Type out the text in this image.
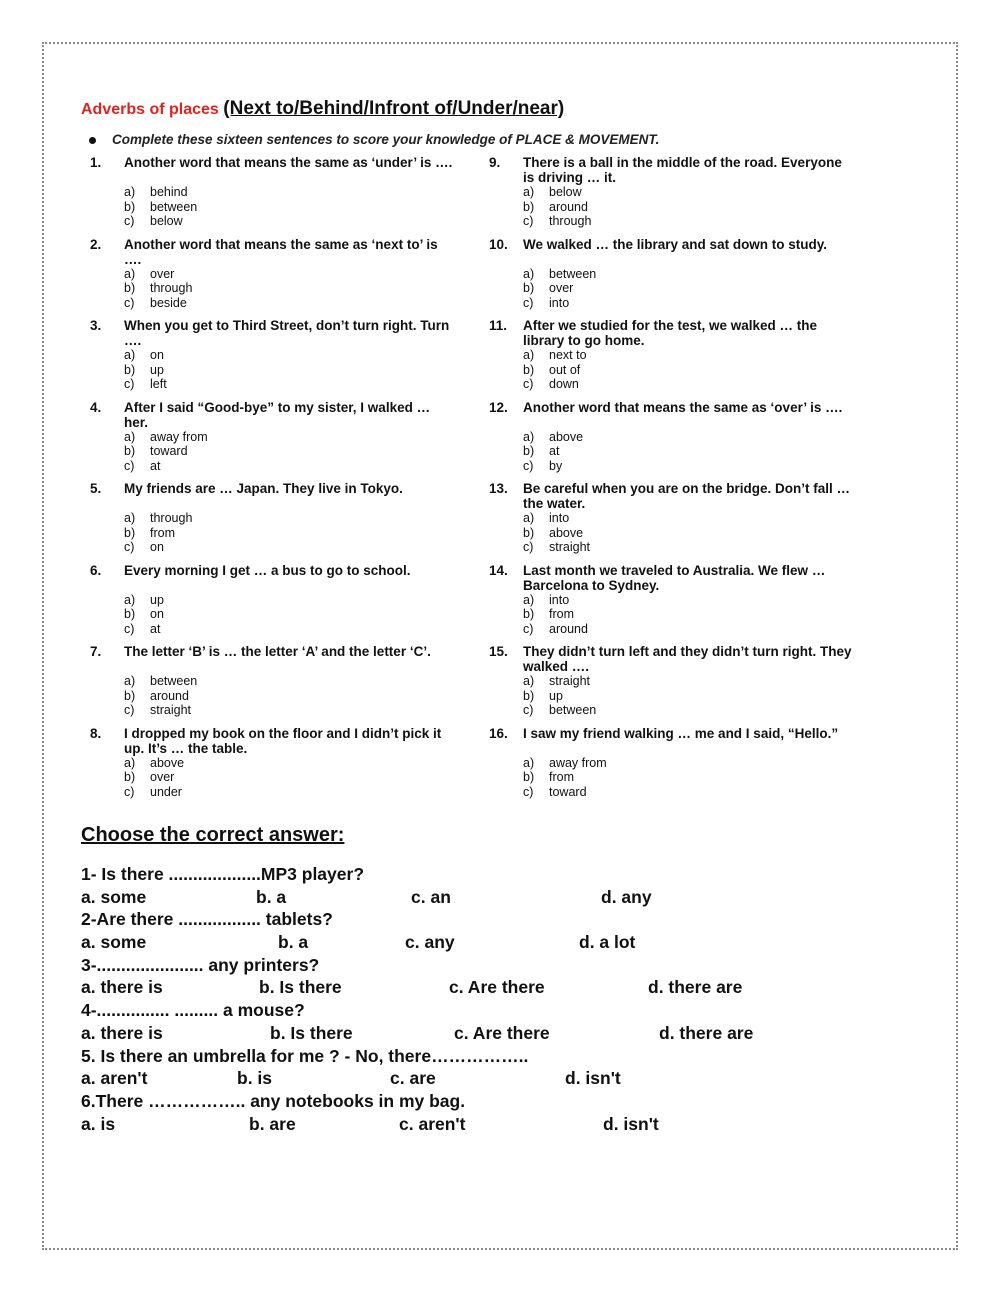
Adverbs of places (Next to/Behind/Infront of/Under/near)
Complete these sixteen sentences to score your knowledge of PLACE & MOVEMENT.
1.	Another word that means the same as ‘under’ is ….
a) behind
b) between
c) below
2.	Another word that means the same as ‘next to’ is ….
a) over
b) through
c) beside
3.	When you get to Third Street, don’t turn right. Turn ….
a) on
b) up
c) left
4.	After I said “Good-bye” to my sister, I walked … her.
a) away from
b) toward
c) at
5.	My friends are … Japan. They live in Tokyo.
a) through
b) from
c) on
6.	Every morning I get … a bus to go to school.
a) up
b) on
c) at
7.	The letter ‘B’ is … the letter ‘A’ and the letter ‘C’.
a) between
b) around
c) straight
8.	I dropped my book on the floor and I didn’t pick it up. It’s … the table.
a) above
b) over
c) under
9.	There is a ball in the middle of the road. Everyone is driving … it.
a) below
b) around
c) through
10.	We walked … the library and sat down to study.
a) between
b) over
c) into
11.	After we studied for the test, we walked … the library to go home.
a) next to
b) out of
c) down
12.	Another word that means the same as ‘over’ is ….
a) above
b) at
c) by
13.	Be careful when you are on the bridge. Don’t fall … the water.
a) into
b) above
c) straight
14.	Last month we traveled to Australia. We flew … Barcelona to Sydney.
a) into
b) from
c) around
15.	They didn’t turn left and they didn’t turn right. They walked ….
a) straight
b) up
c) between
16.	I saw my friend walking … me and I said, “Hello.”
a) away from
b) from
c) toward
Choose the correct answer:
1- Is there ...................MP3 player?
a. some	b. a	c. an	d. any
2-Are there ................. tablets?
a. some	b. a	c. any	d. a lot
3-...................... any printers?
a. there is	b. Is there	c. Are there	d. there are
4-............... ......... a mouse?
a. there is	b. Is there	c. Are there	d. there are
5. Is there an umbrella for me ? - No, there……………..
a. aren't	b. is	c. are	d. isn't
6.There …………….. any notebooks in my bag.
a. is	b. are	c. aren't	d. isn't
